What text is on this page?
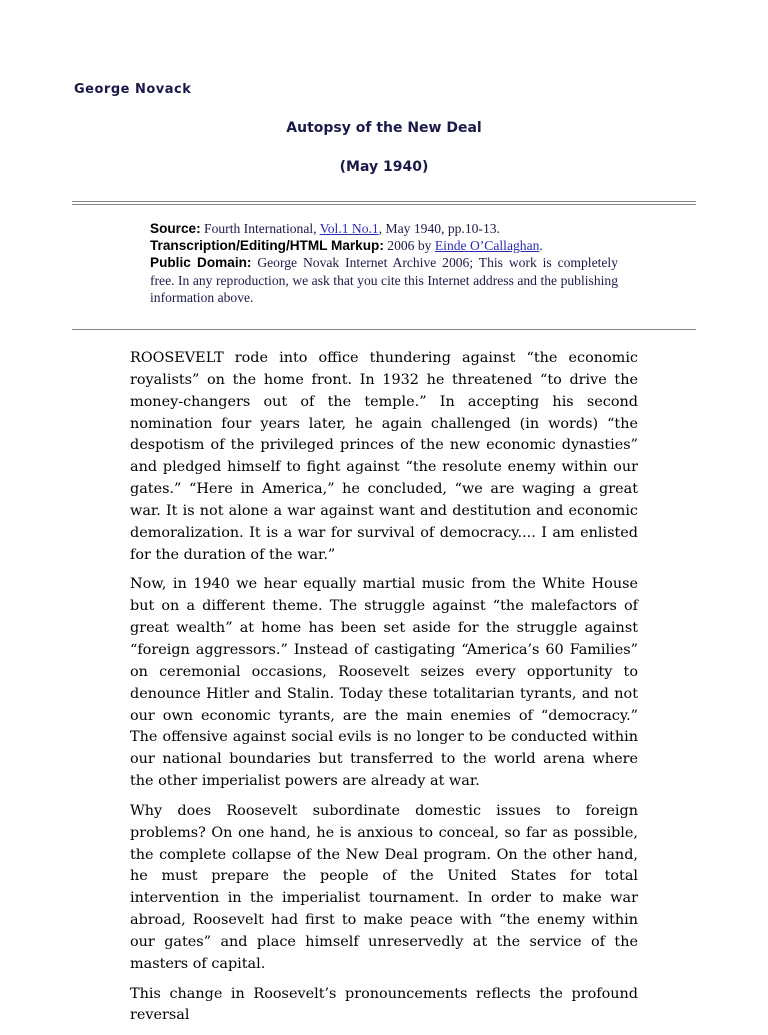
George Novack
Autopsy of the New Deal
(May 1940)
Source: Fourth International, Vol.1 No.1, May 1940, pp.10-13.
Transcription/Editing/HTML Markup: 2006 by Einde O’Callaghan.
Public Domain: George Novak Internet Archive 2006; This work is completely free. In any reproduction, we ask that you cite this Internet address and the publishing information above.

ROOSEVELT rode into office thundering against “the economic royalists” on the home front. In 1932 he threatened “to drive the money-changers out of the temple.” In accepting his second nomination four years later, he again challenged (in words) “the despotism of the privileged princes of the new economic dynasties” and pledged himself to fight against “the resolute enemy within our gates.” “Here in America,” he concluded, “we are waging a great war. It is not alone a war against want and destitution and economic demoralization. It is a war for survival of democracy.... I am enlisted for the duration of the war.”

Now, in 1940 we hear equally martial music from the White House but on a different theme. The struggle against “the malefactors of great wealth” at home has been set aside for the struggle against “foreign aggressors.” Instead of castigating “America’s 60 Families” on ceremonial occasions, Roosevelt seizes every opportunity to denounce Hitler and Stalin. Today these totalitarian tyrants, and not our own economic tyrants, are the main enemies of “democracy.” The offensive against social evils is no longer to be conducted within our national boundaries but transferred to the world arena where the other imperialist powers are already at war.

Why does Roosevelt subordinate domestic issues to foreign problems? On one hand, he is anxious to conceal, so far as possible, the complete collapse of the New Deal program. On the other hand, he must prepare the people of the United States for total intervention in the imperialist tournament. In order to make war abroad, Roosevelt had first to make peace with “the enemy within our gates” and place himself unreservedly at the service of the masters of capital.

This change in Roosevelt’s pronouncements reflects the profound reversal
